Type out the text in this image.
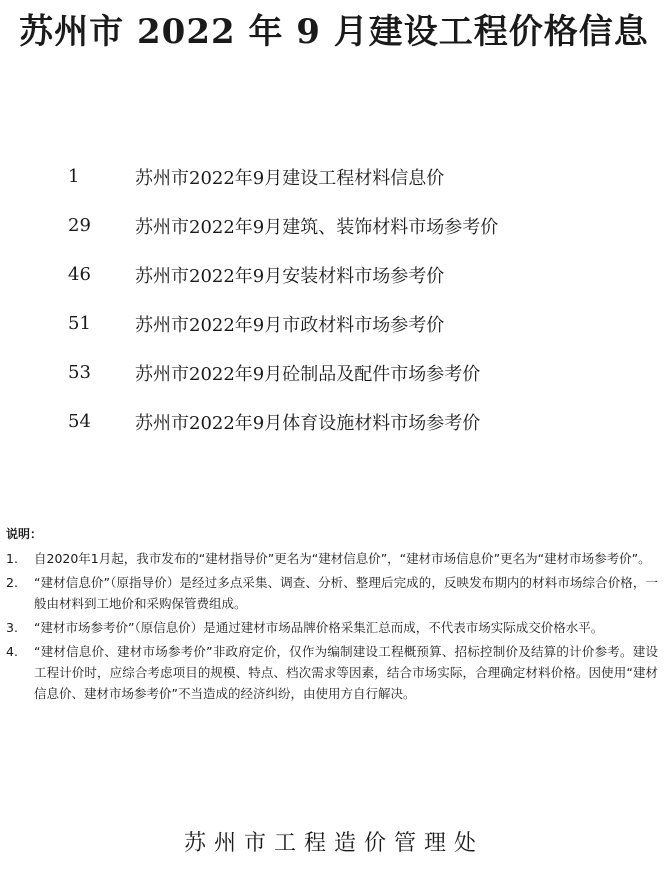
苏州市 2022 年 9 月建设工程价格信息
1	苏州市2022年9月建设工程材料信息价
29	苏州市2022年9月建筑、装饰材料市场参考价
46	苏州市2022年9月安装材料市场参考价
51	苏州市2022年9月市政材料市场参考价
53	苏州市2022年9月砼制品及配件市场参考价
54	苏州市2022年9月体育设施材料市场参考价
说明：
1.	自2020年1月起，我市发布的“建材指导价”更名为“建材信息价”，“建材市场信息价”更名为“建材市场参考价”。
2.	“建材信息价”（原指导价）是经过多点采集、调查、分析、整理后完成的，反映发布期内的材料市场综合价格，一般由材料到工地价和采购保管费组成。
3.	“建材市场参考价”（原信息价）是通过建材市场品牌价格采集汇总而成，不代表市场实际成交价格水平。
4.	“建材信息价、建材市场参考价”非政府定价，仅作为编制建设工程概预算、招标控制价及结算的计价参考。建设工程计价时，应综合考虑项目的规模、特点、档次需求等因素，结合市场实际，合理确定材料价格。因使用“建材信息价、建材市场参考价”不当造成的经济纠纷，由使用方自行解决。
苏州市工程造价管理处
